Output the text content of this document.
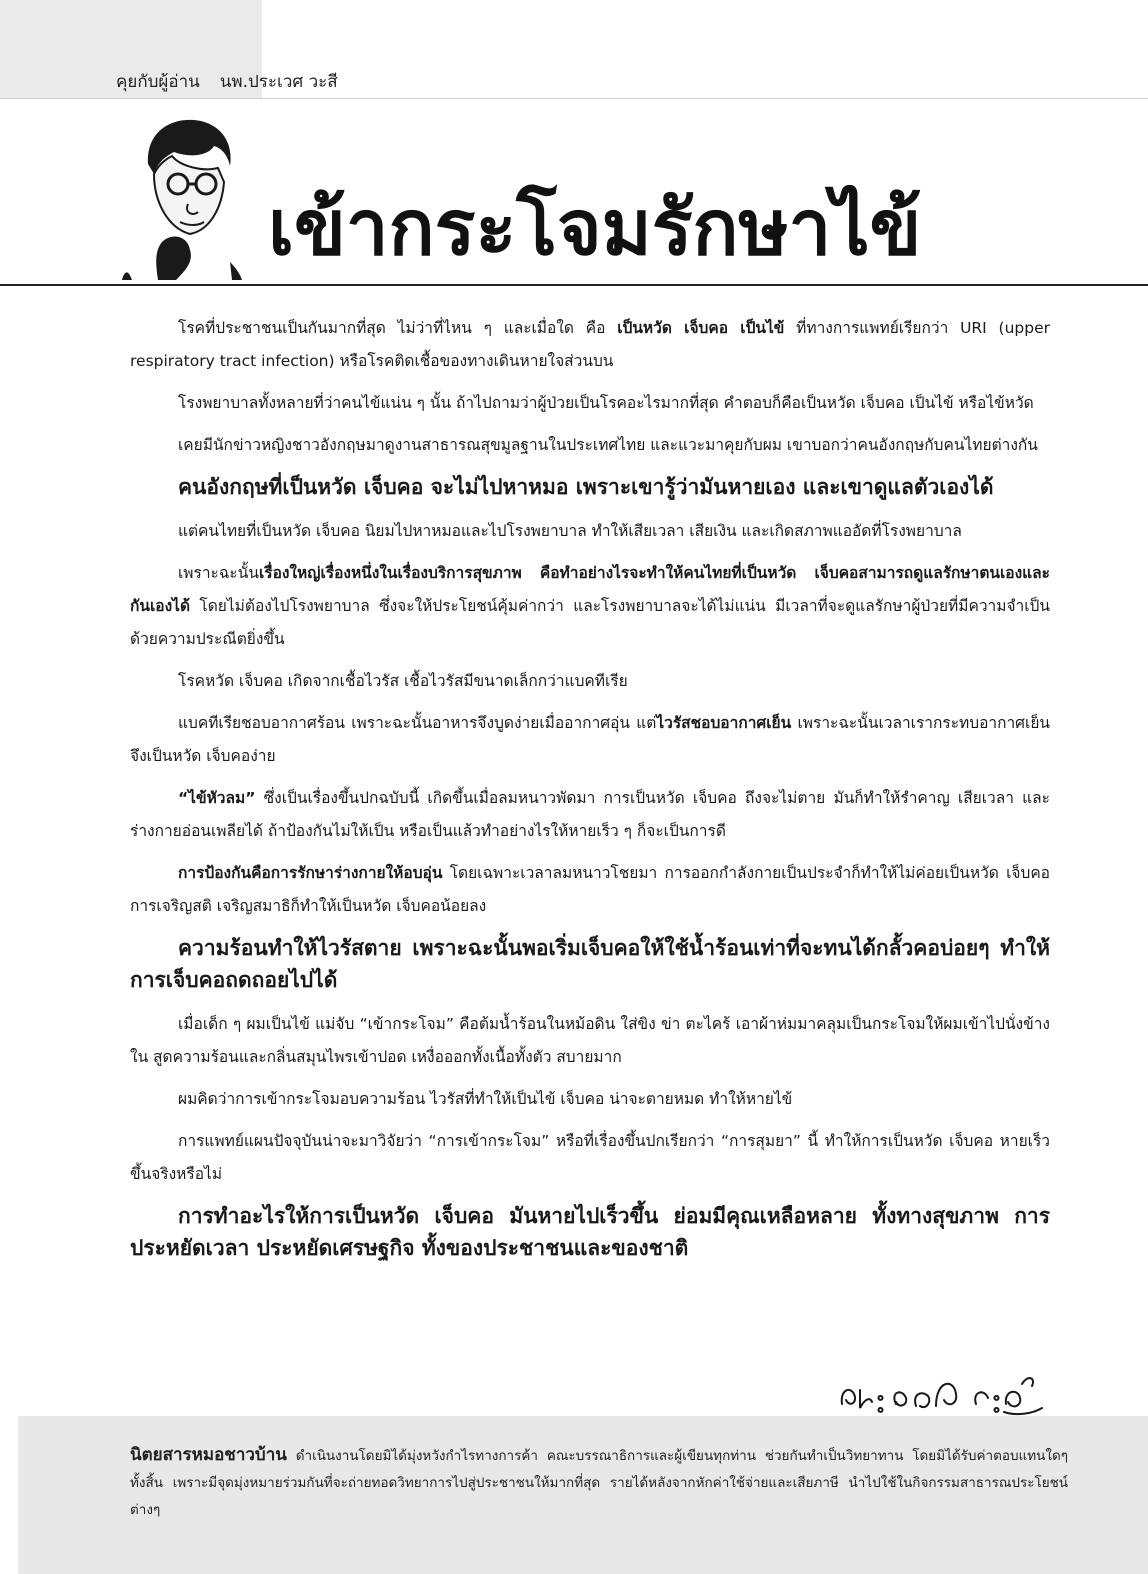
คุยกับผู้อ่าน นพ.ประเวศ วะสี
เข้ากระโจมรักษาไข้

โรคที่ประชาชนเป็นกันมากที่สุด ไม่ว่าที่ไหน ๆ และเมื่อใด คือ เป็นหวัด เจ็บคอ เป็นไข้ ที่ทางการแพทย์เรียกว่า URI (upper respiratory tract infection) หรือโรคติดเชื้อของทางเดินหายใจส่วนบน

โรงพยาบาลทั้งหลายที่ว่าคนไข้แน่น ๆ นั้น ถ้าไปถามว่าผู้ป่วยเป็นโรคอะไรมากที่สุด คำตอบก็คือเป็นหวัด เจ็บคอ เป็นไข้ หรือไข้หวัด

เคยมีนักข่าวหญิงชาวอังกฤษมาดูงานสาธารณสุขมูลฐานในประเทศไทย และแวะมาคุยกับผม เขาบอกว่าคนอังกฤษกับคนไทยต่างกัน

คนอังกฤษที่เป็นหวัด เจ็บคอ จะไม่ไปหาหมอ เพราะเขารู้ว่ามันหายเอง และเขาดูแลตัวเองได้

แต่คนไทยที่เป็นหวัด เจ็บคอ นิยมไปหาหมอและไปโรงพยาบาล ทำให้เสียเวลา เสียเงิน และเกิดสภาพแออัดที่โรงพยาบาล

เพราะฉะนั้นเรื่องใหญ่เรื่องหนึ่งในเรื่องบริการสุขภาพ คือทำอย่างไรจะทำให้คนไทยที่เป็นหวัด เจ็บคอสามารถดูแลรักษาตนเองและกันเองได้ โดยไม่ต้องไปโรงพยาบาล ซึ่งจะให้ประโยชน์คุ้มค่ากว่า และโรงพยาบาลจะได้ไม่แน่น มีเวลาที่จะดูแลรักษาผู้ป่วยที่มีความจำเป็นด้วยความประณีตยิ่งขึ้น

โรคหวัด เจ็บคอ เกิดจากเชื้อไวรัส เชื้อไวรัสมีขนาดเล็กกว่าแบคทีเรีย

แบคทีเรียชอบอากาศร้อน เพราะฉะนั้นอาหารจึงบูดง่ายเมื่ออากาศอุ่น แต่ไวรัสชอบอากาศเย็น เพราะฉะนั้นเวลาเรากระทบอากาศเย็นจึงเป็นหวัด เจ็บคอง่าย

“ไข้หัวลม” ซึ่งเป็นเรื่องขึ้นปกฉบับนี้ เกิดขึ้นเมื่อลมหนาวพัดมา การเป็นหวัด เจ็บคอ ถึงจะไม่ตาย มันก็ทำให้รำคาญ เสียเวลา และร่างกายอ่อนเพลียได้ ถ้าป้องกันไม่ให้เป็น หรือเป็นแล้วทำอย่างไรให้หายเร็ว ๆ ก็จะเป็นการดี

การป้องกันคือการรักษาร่างกายให้อบอุ่น โดยเฉพาะเวลาลมหนาวโชยมา การออกกำลังกายเป็นประจำก็ทำให้ไม่ค่อยเป็นหวัด เจ็บคอ การเจริญสติ เจริญสมาธิก็ทำให้เป็นหวัด เจ็บคอน้อยลง

ความร้อนทำให้ไวรัสตาย เพราะฉะนั้นพอเริ่มเจ็บคอให้ใช้น้ำร้อนเท่าที่จะทนได้กลั้วคอบ่อยๆ ทำให้การเจ็บคอถดถอยไปได้

เมื่อเด็ก ๆ ผมเป็นไข้ แม่จับ “เข้ากระโจม” คือต้มน้ำร้อนในหม้อดิน ใส่ขิง ข่า ตะไคร้ เอาผ้าห่มมาคลุมเป็นกระโจมให้ผมเข้าไปนั่งข้างใน สูดความร้อนและกลิ่นสมุนไพรเข้าปอด เหงื่อออกทั้งเนื้อทั้งตัว สบายมาก

ผมคิดว่าการเข้ากระโจมอบความร้อน ไวรัสที่ทำให้เป็นไข้ เจ็บคอ น่าจะตายหมด ทำให้หายไข้

การแพทย์แผนปัจจุบันน่าจะมาวิจัยว่า “การเข้ากระโจม” หรือที่เรื่องขึ้นปกเรียกว่า “การสุมยา” นี้ ทำให้การเป็นหวัด เจ็บคอ หายเร็วขึ้นจริงหรือไม่

การทำอะไรให้การเป็นหวัด เจ็บคอ มันหายไปเร็วขึ้น ย่อมมีคุณเหลือหลาย ทั้งทางสุขภาพ การประหยัดเวลา ประหยัดเศรษฐกิจ ทั้งของประชาชนและของชาติ

นิตยสารหมอชาวบ้าน ดำเนินงานโดยมิได้มุ่งหวังกำไรทางการค้า คณะบรรณาธิการและผู้เขียนทุกท่าน ช่วยกันทำเป็นวิทยาทาน โดยมิได้รับค่าตอบแทนใดๆ ทั้งสิ้น เพราะมีจุดมุ่งหมายร่วมกันที่จะถ่ายทอดวิทยาการไปสู่ประชาชนให้มากที่สุด รายได้หลังจากหักค่าใช้จ่ายและเสียภาษี นำไปใช้ในกิจกรรมสาธารณประโยชน์ต่างๆ
